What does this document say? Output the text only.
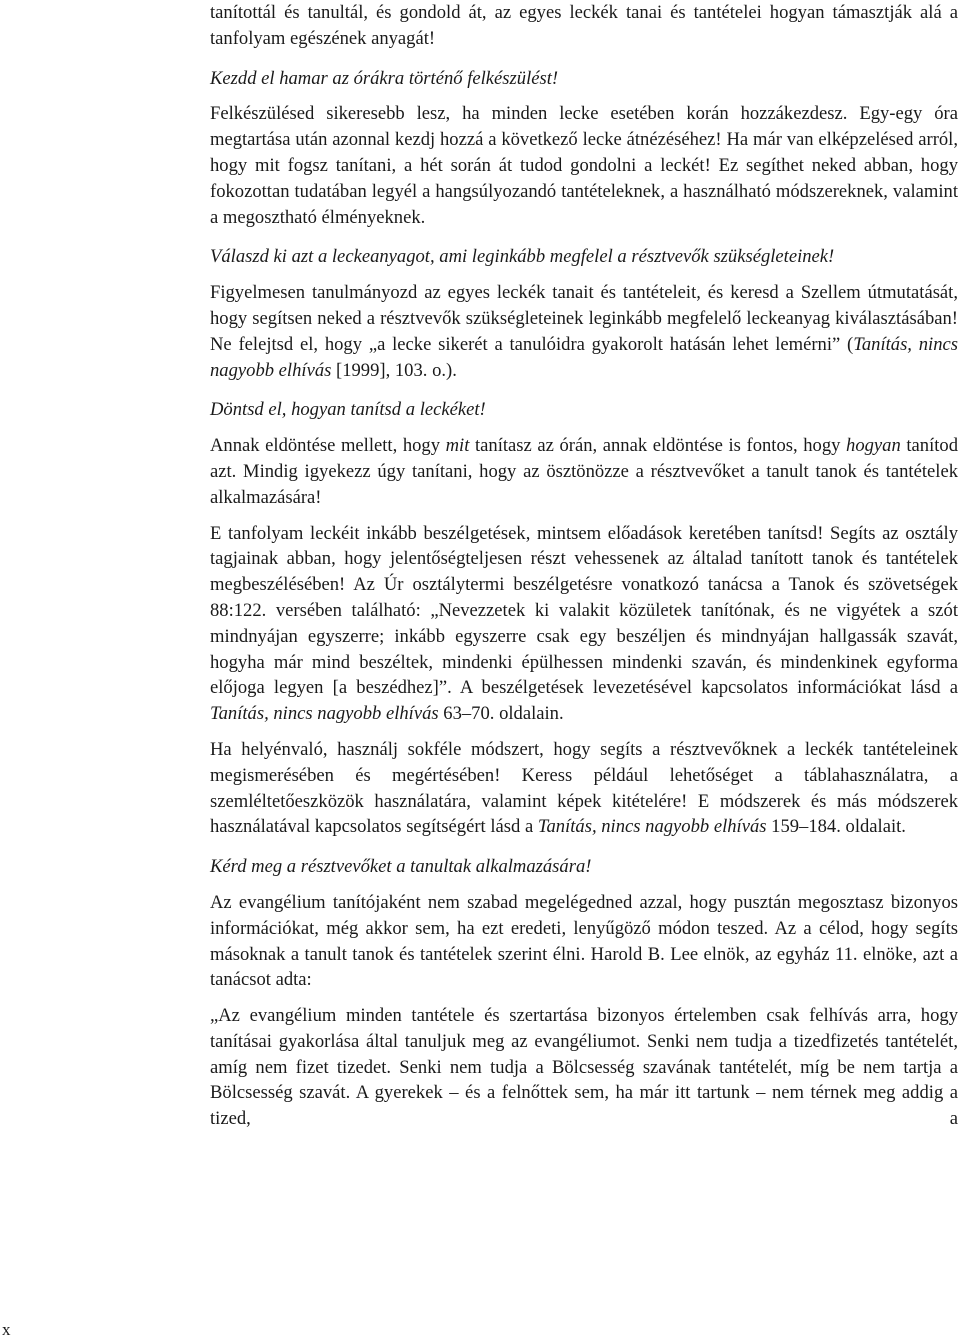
tanítottál és tanultál, és gondold át, az egyes leckék tanai és tantételei hogyan támasztják alá a tanfolyam egészének anyagát!

Kezdd el hamar az órákra történő felkészülést!

Felkészülésed sikeresebb lesz, ha minden lecke esetében korán hozzákezdesz. Egy-egy óra megtartása után azonnal kezdj hozzá a következő lecke átnézéséhez! Ha már van elképzelésed arról, hogy mit fogsz tanítani, a hét során át tudod gondolni a leckét! Ez segíthet neked abban, hogy fokozottan tudatában legyél a hangsúlyozandó tantételeknek, a használható módszereknek, valamint a megosztható élményeknek.

Válaszd ki azt a leckeanyagot, ami leginkább megfelel a résztvevők szükségleteinek!

Figyelmesen tanulmányozd az egyes leckék tanait és tantételeit, és keresd a Szellem útmutatását, hogy segítsen neked a résztvevők szükségleteinek leginkább megfelelő leckeanyag kiválasztásában! Ne felejtsd el, hogy „a lecke sikerét a tanulóidra gyakorolt hatásán lehet lemérni” (Tanítás, nincs nagyobb elhívás [1999], 103. o.).

Döntsd el, hogyan tanítsd a leckéket!

Annak eldöntése mellett, hogy mit tanítasz az órán, annak eldöntése is fontos, hogy hogyan tanítod azt. Mindig igyekezz úgy tanítani, hogy az ösztönözze a résztvevőket a tanult tanok és tantételek alkalmazására!

E tanfolyam leckéit inkább beszélgetések, mintsem előadások keretében tanítsd! Segíts az osztály tagjainak abban, hogy jelentőségteljesen részt vehessenek az általad tanított tanok és tantételek megbeszélésében! Az Úr osztálytermi beszélgetésre vonatkozó tanácsa a Tanok és szövetségek 88:122. versében található: „Nevezzetek ki valakit közületek tanítónak, és ne vigyétek a szót mindnyájan egyszerre; inkább egyszerre csak egy beszéljen és mindnyájan hallgassák szavát, hogyha már mind beszéltek, mindenki épülhessen mindenki szaván, és mindenkinek egyforma előjoga legyen [a beszédhez]”. A beszélgetések levezetésével kapcsolatos információkat lásd a Tanítás, nincs nagyobb elhívás 63–70. oldalain.

Ha helyénvaló, használj sokféle módszert, hogy segíts a résztvevőknek a leckék tantételeinek megismerésében és megértésében! Keress például lehetőséget a táblahasználatra, a szemléltetőeszközök használatára, valamint képek kitételére! E módszerek és más módszerek használatával kapcsolatos segítségért lásd a Tanítás, nincs nagyobb elhívás 159–184. oldalait.

Kérd meg a résztvevőket a tanultak alkalmazására!

Az evangélium tanítójaként nem szabad megelégedned azzal, hogy pusztán megosztasz bizonyos információkat, még akkor sem, ha ezt eredeti, lenyűgöző módon teszed. Az a célod, hogy segíts másoknak a tanult tanok és tantételek szerint élni. Harold B. Lee elnök, az egyház 11. elnöke, azt a tanácsot adta:

„Az evangélium minden tantétele és szertartása bizonyos értelemben csak felhívás arra, hogy tanításai gyakorlása által tanuljuk meg az evangéliumot. Senki nem tudja a tizedfizetés tantételét, amíg nem fizet tizedet. Senki nem tudja a Bölcsesség szavának tantételét, míg be nem tartja a Bölcsesség szavát. A gyerekek – és a felnőttek sem, ha már itt tartunk – nem térnek meg addig a tized, a

x
